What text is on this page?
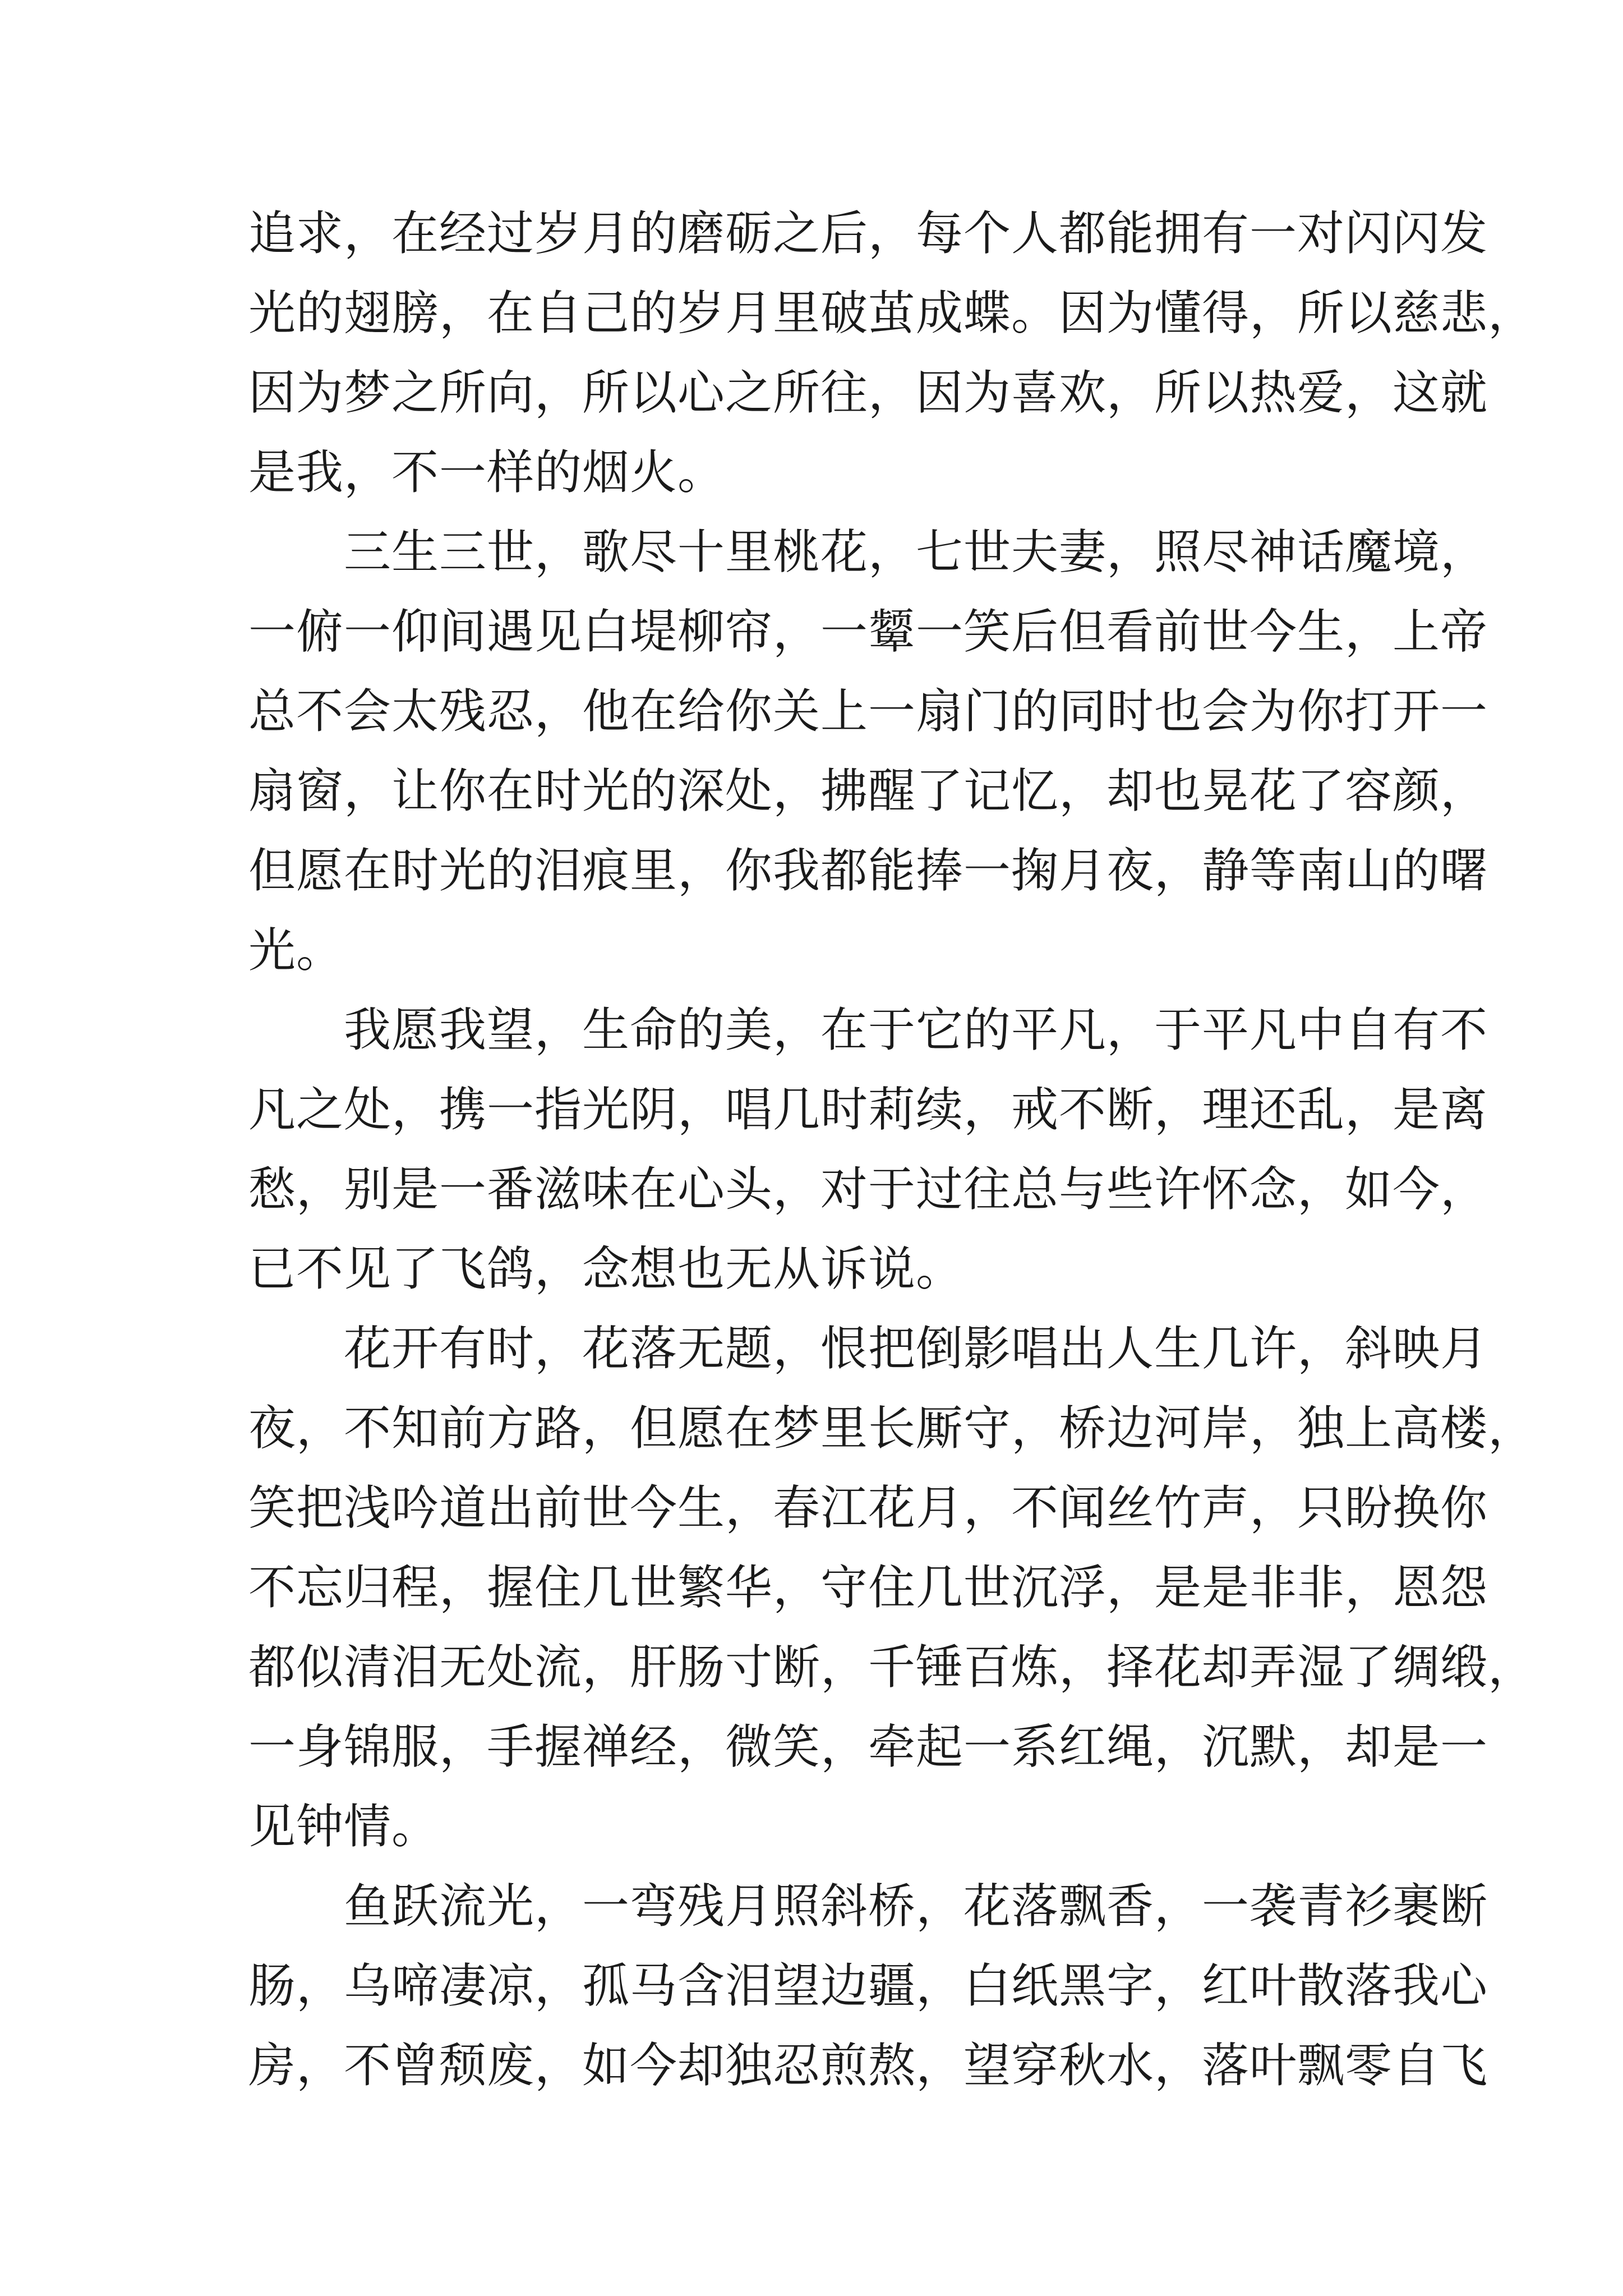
追求，在经过岁月的磨砺之后，每个人都能拥有一对闪闪发
光的翅膀，在自己的岁月里破茧成蝶。因为懂得，所以慈悲，
因为梦之所向，所以心之所往，因为喜欢，所以热爱，这就
是我，不一样的烟火。
三生三世，歌尽十里桃花，七世夫妻，照尽神话魔境，
一俯一仰间遇见白堤柳帘，一颦一笑后但看前世今生，上帝
总不会太残忍，他在给你关上一扇门的同时也会为你打开一
扇窗，让你在时光的深处，拂醒了记忆，却也晃花了容颜，
但愿在时光的泪痕里，你我都能捧一掬月夜，静等南山的曙
光。
我愿我望，生命的美，在于它的平凡，于平凡中自有不
凡之处，携一指光阴，唱几时莉续，戒不断，理还乱，是离
愁，别是一番滋味在心头，对于过往总与些许怀念，如今，
已不见了飞鸽，念想也无从诉说。
花开有时，花落无题，恨把倒影唱出人生几许，斜映月
夜，不知前方路，但愿在梦里长厮守，桥边河岸，独上高楼，
笑把浅吟道出前世今生，春江花月，不闻丝竹声，只盼换你
不忘归程，握住几世繁华，守住几世沉浮，是是非非，恩怨
都似清泪无处流，肝肠寸断，千锤百炼，择花却弄湿了绸缎，
一身锦服，手握禅经，微笑，牵起一系红绳，沉默，却是一
见钟情。
鱼跃流光，一弯残月照斜桥，花落飘香，一袭青衫裹断
肠，乌啼凄凉，孤马含泪望边疆，白纸黑字，红叶散落我心
房，不曾颓废，如今却独忍煎熬，望穿秋水，落叶飘零自飞
